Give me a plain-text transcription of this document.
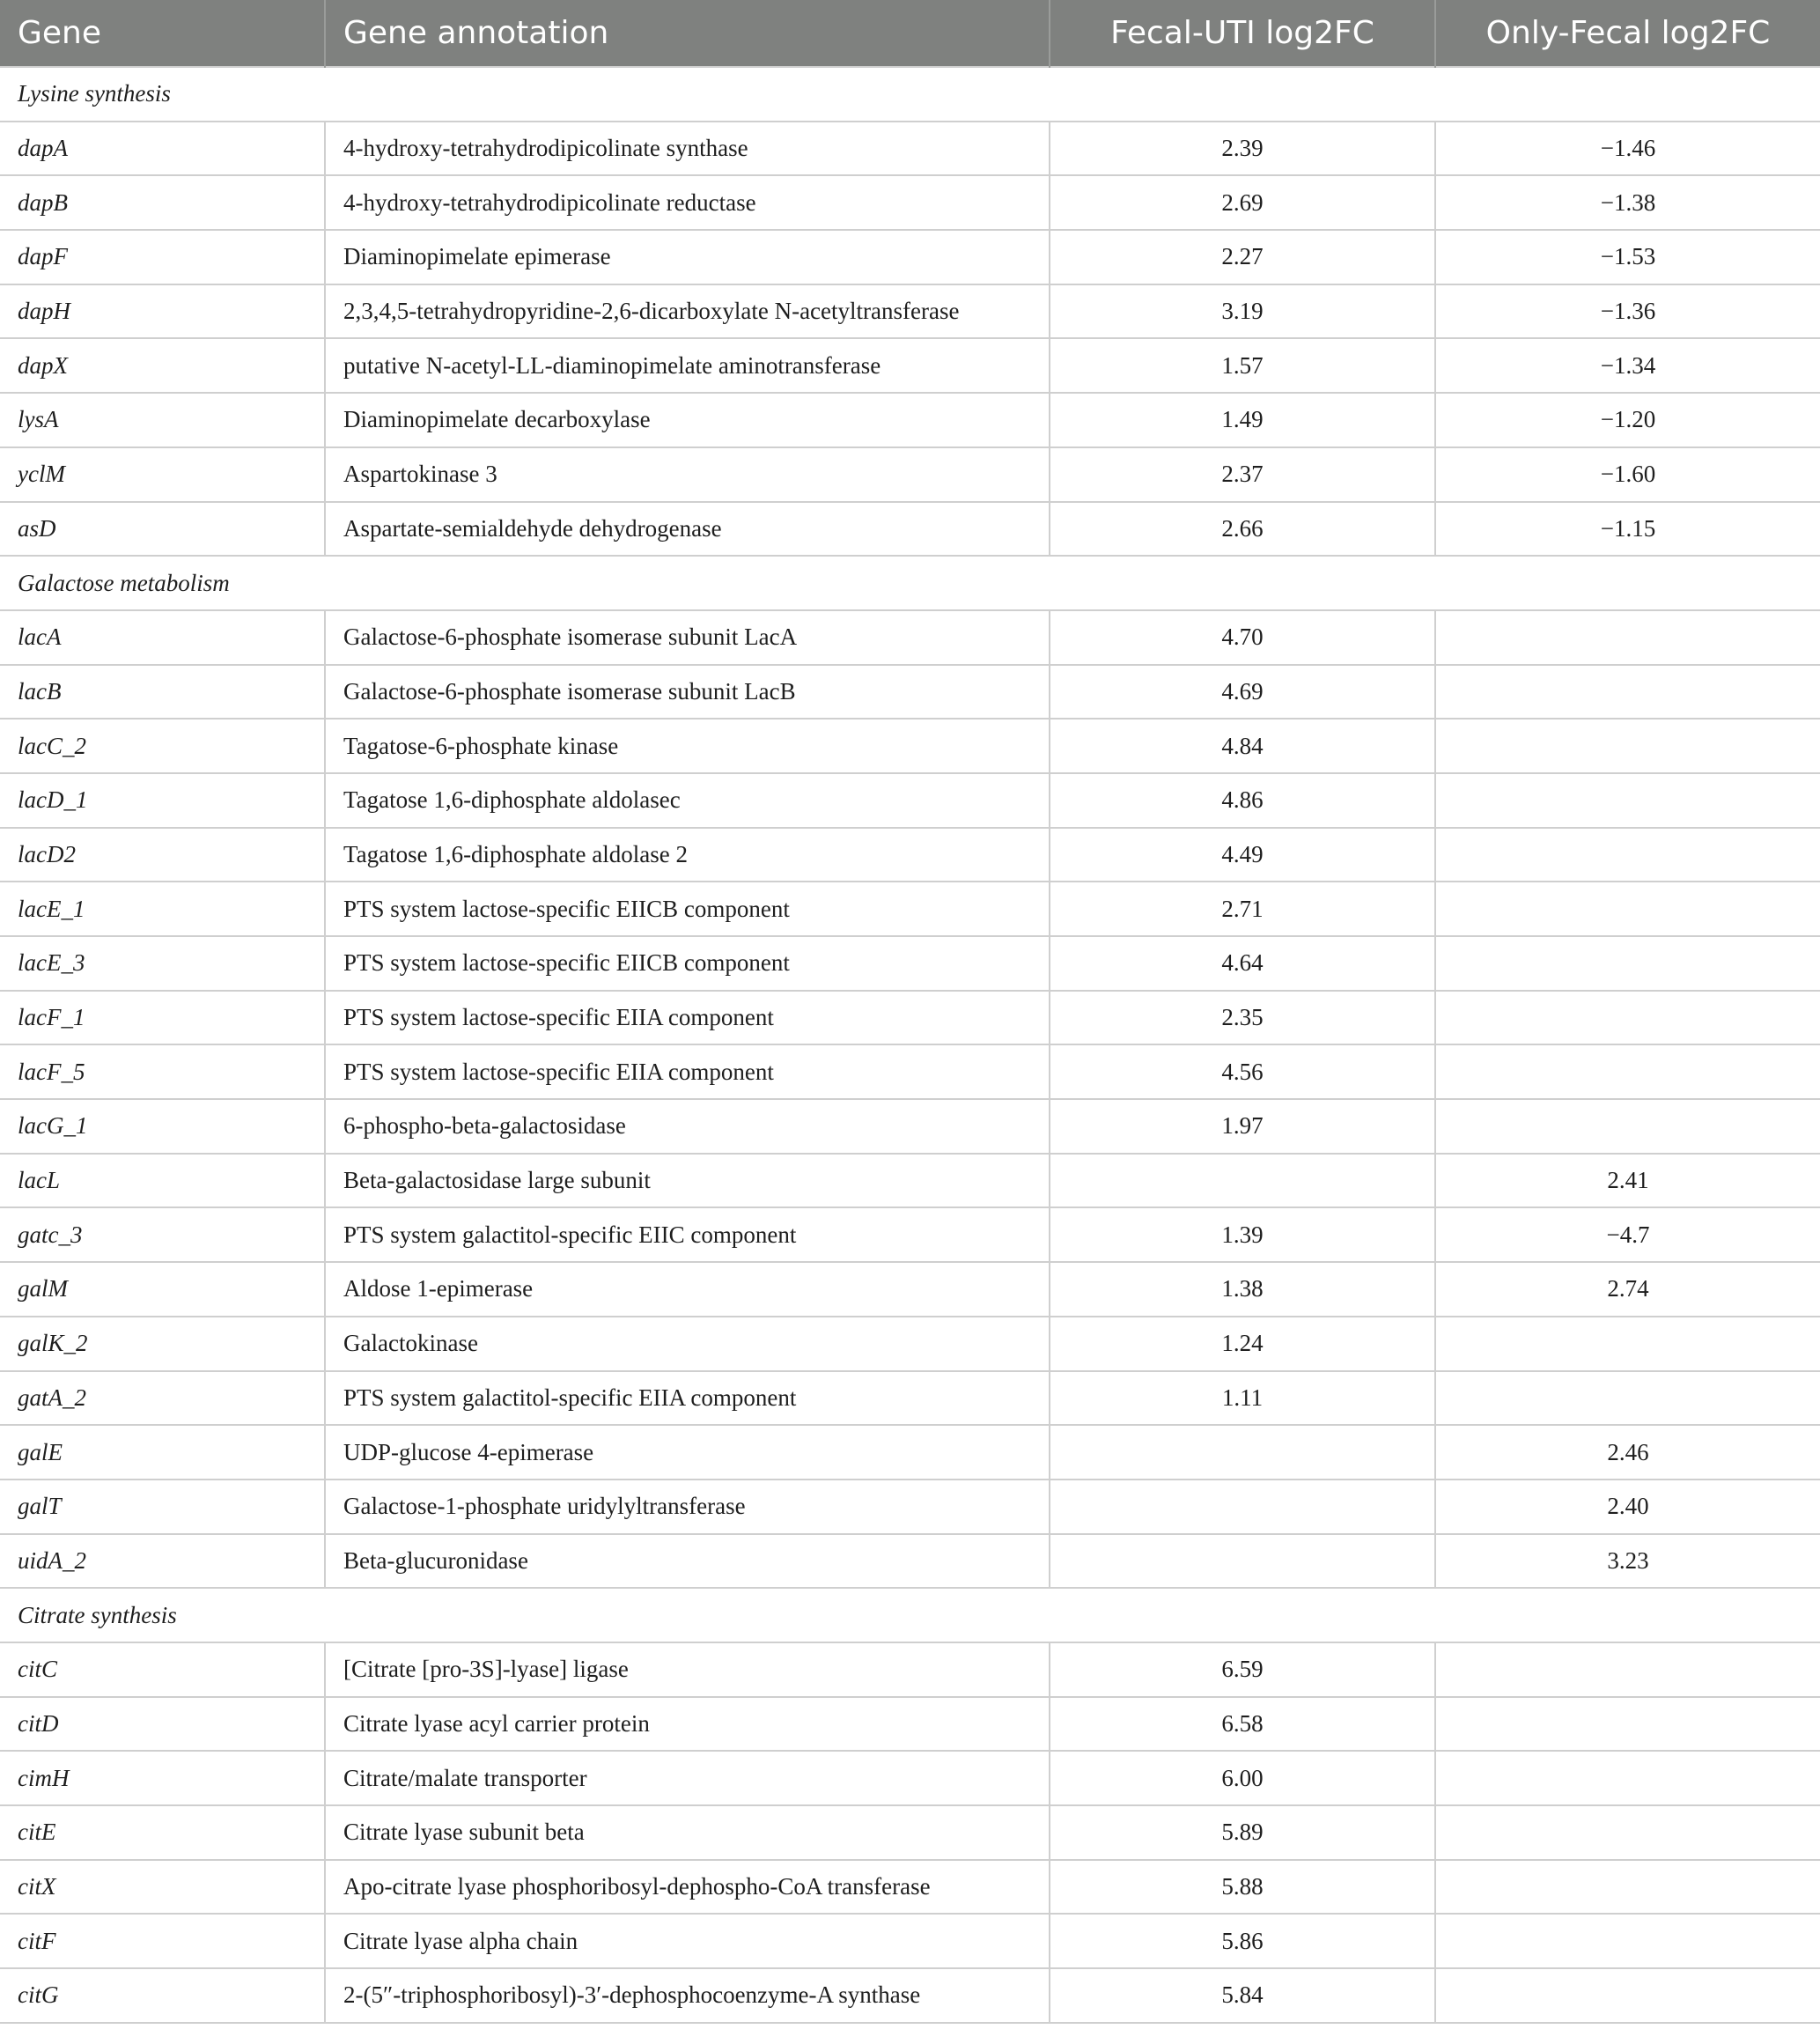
Gene	Gene annotation	Fecal-UTI log2FC	Only-Fecal log2FC
Lysine synthesis			
dapA	4-hydroxy-tetrahydrodipicolinate synthase	2.39	−1.46
dapB	4-hydroxy-tetrahydrodipicolinate reductase	2.69	−1.38
dapF	Diaminopimelate epimerase	2.27	−1.53
dapH	2,3,4,5-tetrahydropyridine-2,6-dicarboxylate N-acetyltransferase	3.19	−1.36
dapX	putative N-acetyl-LL-diaminopimelate aminotransferase	1.57	−1.34
lysA	Diaminopimelate decarboxylase	1.49	−1.20
yclM	Aspartokinase 3	2.37	−1.60
asD	Aspartate-semialdehyde dehydrogenase	2.66	−1.15
Galactose metabolism			
lacA	Galactose-6-phosphate isomerase subunit LacA	4.70	
lacB	Galactose-6-phosphate isomerase subunit LacB	4.69	
lacC_2	Tagatose-6-phosphate kinase	4.84	
lacD_1	Tagatose 1,6-diphosphate aldolasec	4.86	
lacD2	Tagatose 1,6-diphosphate aldolase 2	4.49	
lacE_1	PTS system lactose-specific EIICB component	2.71	
lacE_3	PTS system lactose-specific EIICB component	4.64	
lacF_1	PTS system lactose-specific EIIA component	2.35	
lacF_5	PTS system lactose-specific EIIA component	4.56	
lacG_1	6-phospho-beta-galactosidase	1.97	
lacL	Beta-galactosidase large subunit		2.41
gatc_3	PTS system galactitol-specific EIIC component	1.39	−4.7
galM	Aldose 1-epimerase	1.38	2.74
galK_2	Galactokinase	1.24	
gatA_2	PTS system galactitol-specific EIIA component	1.11	
galE	UDP-glucose 4-epimerase		2.46
galT	Galactose-1-phosphate uridylyltransferase		2.40
uidA_2	Beta-glucuronidase		3.23
Citrate synthesis			
citC	[Citrate [pro-3S]-lyase] ligase	6.59	
citD	Citrate lyase acyl carrier protein	6.58	
cimH	Citrate/malate transporter	6.00	
citE	Citrate lyase subunit beta	5.89	
citX	Apo-citrate lyase phosphoribosyl-dephospho-CoA transferase	5.88	
citF	Citrate lyase alpha chain	5.86	
citG	2-(5″-triphosphoribosyl)-3′-dephosphocoenzyme-A synthase	5.84	
